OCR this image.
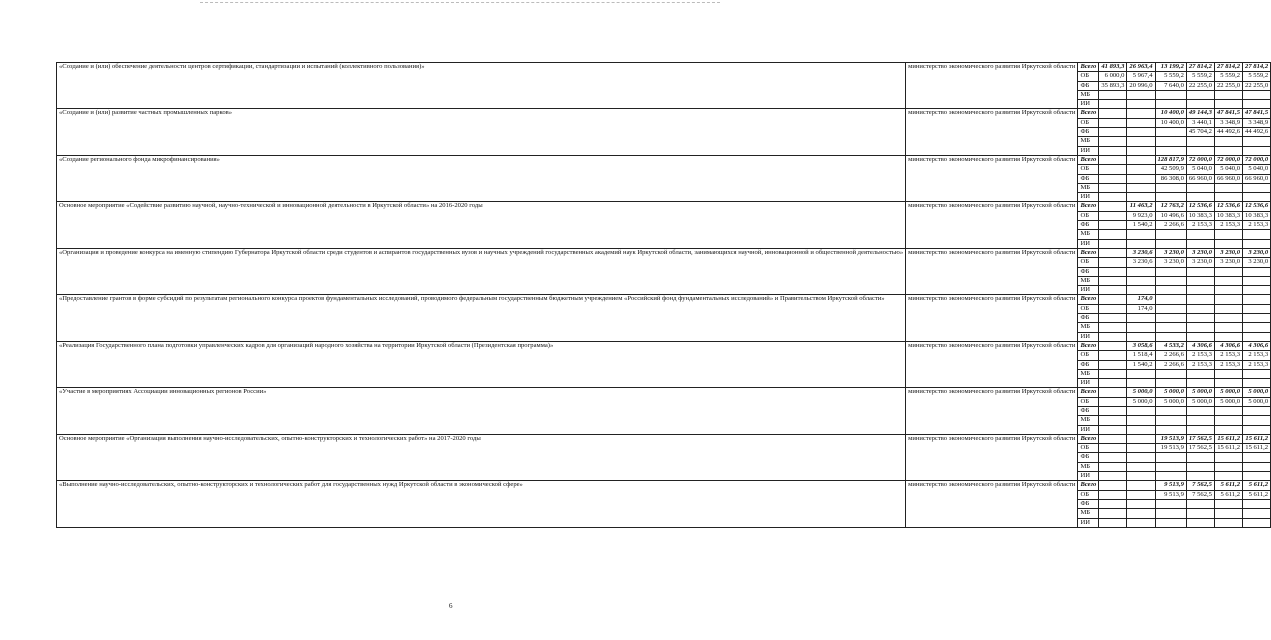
«Создание и (или) обеспечение деятельности центров сертификации, стандартизации и испытаний (коллективного пользования)»	министерство экономического развития Иркутской области	Всего	41 893,3	26 963,4	13 199,2	27 814,2	27 814,2	27 814,2
		ОБ	6 000,0	5 967,4	5 559,2	5 559,2	5 559,2	5 559,2
		ФБ	35 893,3	20 996,0	7 640,0	22 255,0	22 255,0	22 255,0
		МБ						
		ИИ						
«Создание и (или) развитие частных промышленных парков»	министерство экономического развития Иркутской области	Всего			10 400,0	49 144,3	47 841,5	47 841,5
		ОБ			10 400,0	3 440,1	3 348,9	3 348,9
		ФБ				45 704,2	44 492,6	44 492,6
		МБ						
		ИИ						
«Создание регионального фонда микрофинансирования»	министерство экономического развития Иркутской области	Всего			128 817,9	72 000,0	72 000,0	72 000,0
		ОБ			42 509,9	5 040,0	5 040,0	5 040,0
		ФБ			86 308,0	66 960,0	66 960,0	66 960,0
		МБ						
		ИИ						
Основное мероприятие «Содействие развитию научной, научно-технической и инновационной деятельности в Иркутской области» на 2016-2020 годы	министерство экономического развития Иркутской области	Всего		11 463,2	12 763,2	12 536,6	12 536,6	12 536,6
		ОБ		9 923,0	10 496,6	10 383,3	10 383,3	10 383,3
		ФБ		1 540,2	2 266,6	2 153,3	2 153,3	2 153,3
		МБ						
		ИИ						
«Организация и проведение конкурса на именную стипендию Губернатора Иркутской области среди студентов и аспирантов государственных вузов и научных учреждений государственных академий наук Иркутской области, занимающихся научной, инновационной и общественной деятельностью»	министерство экономического развития Иркутской области	Всего		3 230,6	3 230,0	3 230,0	3 230,0	3 230,0
		ОБ		3 230,6	3 230,0	3 230,0	3 230,0	3 230,0
		ФБ						
		МБ						
		ИИ						
«Предоставление грантов в форме субсидий по результатам регионального конкурса проектов фундаментальных исследований, проводимого федеральным государственным бюджетным учреждением «Российский фонд фундаментальных исследований» и Правительством Иркутской области»	министерство экономического развития Иркутской области	Всего		174,0				
		ОБ		174,0				
		ФБ						
		МБ						
		ИИ						
«Реализация Государственного плана подготовки управленческих кадров для организаций народного хозяйства на территории Иркутской области (Президентская программа)»	министерство экономического развития Иркутской области	Всего		3 058,6	4 533,2	4 306,6	4 306,6	4 306,6
		ОБ		1 518,4	2 266,6	2 153,3	2 153,3	2 153,3
		ФБ		1 540,2	2 266,6	2 153,3	2 153,3	2 153,3
		МБ						
		ИИ						
«Участие в мероприятиях Ассоциации инновационных регионов России»	министерство экономического развития Иркутской области	Всего		5 000,0	5 000,0	5 000,0	5 000,0	5 000,0
		ОБ		5 000,0	5 000,0	5 000,0	5 000,0	5 000,0
		ФБ						
		МБ						
		ИИ						
Основное мероприятие «Организация выполнения научно-исследовательских, опытно-конструкторских и технологических работ» на 2017-2020 годы	министерство экономического развития Иркутской области	Всего			19 513,9	17 562,5	15 611,2	15 611,2
		ОБ			19 513,9	17 562,5	15 611,2	15 611,2
		ФБ						
		МБ						
		ИИ						
«Выполнение научно-исследовательских, опытно-конструкторских и технологических работ для государственных нужд Иркутской области в экономической сфере»	министерство экономического развития Иркутской области	Всего			9 513,9	7 562,5	5 611,2	5 611,2
		ОБ			9 513,9	7 562,5	5 611,2	5 611,2
		ФБ						
		МБ						
		ИИ						
6
